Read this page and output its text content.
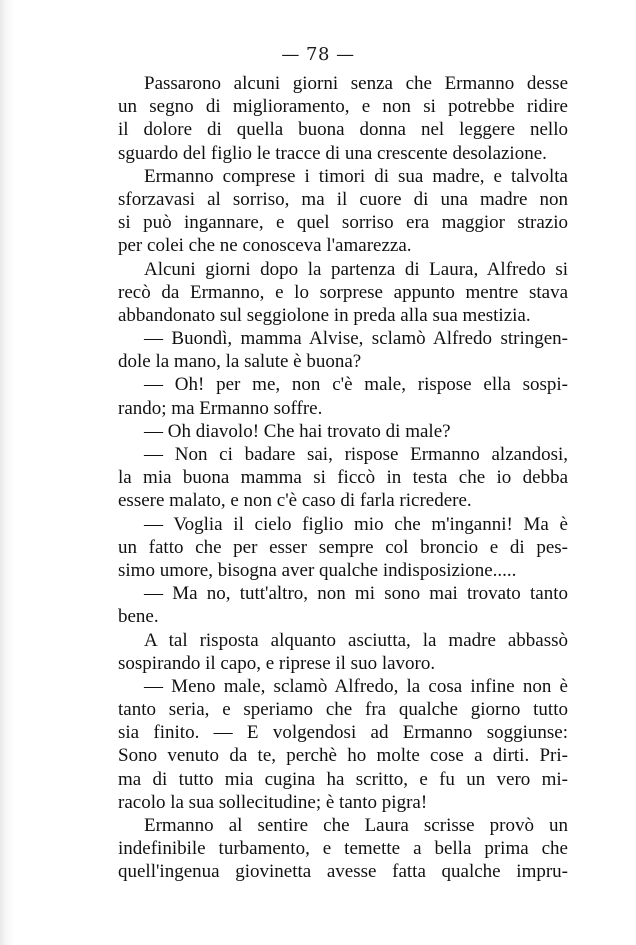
— 78 —
Passarono alcuni giorni senza che Ermanno desse
un segno di miglioramento, e non si potrebbe ridire
il dolore di quella buona donna nel leggere nello
sguardo del figlio le tracce di una crescente desolazione.
Ermanno comprese i timori di sua madre, e talvolta
sforzavasi al sorriso, ma il cuore di una madre non
si può ingannare, e quel sorriso era maggior strazio
per colei che ne conosceva l'amarezza.
Alcuni giorni dopo la partenza di Laura, Alfredo si
recò da Ermanno, e lo sorprese appunto mentre stava
abbandonato sul seggiolone in preda alla sua mestizia.
— Buondì, mamma Alvise, sclamò Alfredo stringen-
dole la mano, la salute è buona?
— Oh! per me, non c'è male, rispose ella sospi-
rando; ma Ermanno soffre.
— Oh diavolo! Che hai trovato di male?
— Non ci badare sai, rispose Ermanno alzandosi,
la mia buona mamma si ficcò in testa che io debba
essere malato, e non c'è caso di farla ricredere.
— Voglia il cielo figlio mio che m'inganni! Ma è
un fatto che per esser sempre col broncio e di pes-
simo umore, bisogna aver qualche indisposizione.....
— Ma no, tutt'altro, non mi sono mai trovato tanto
bene.
A tal risposta alquanto asciutta, la madre abbassò
sospirando il capo, e riprese il suo lavoro.
— Meno male, sclamò Alfredo, la cosa infine non è
tanto seria, e speriamo che fra qualche giorno tutto
sia finito. — E volgendosi ad Ermanno soggiunse:
Sono venuto da te, perchè ho molte cose a dirti. Pri-
ma di tutto mia cugina ha scritto, e fu un vero mi-
racolo la sua sollecitudine; è tanto pigra!
Ermanno al sentire che Laura scrisse provò un
indefinibile turbamento, e temette a bella prima che
quell'ingenua giovinetta avesse fatta qualche impru-
